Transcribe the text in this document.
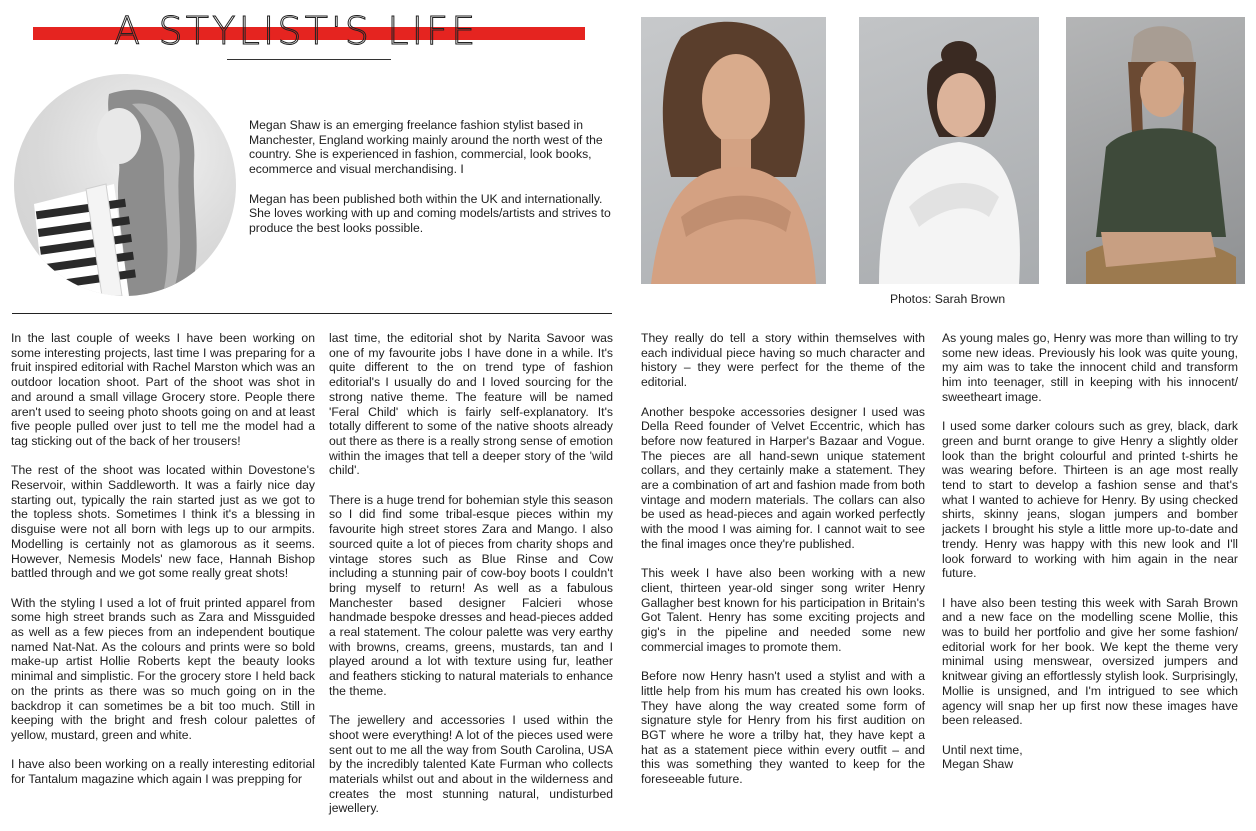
A STYLIST'S LIFE

Megan Shaw is an emerging freelance fashion stylist based in Manchester, England working mainly around the north west of the country. She is experienced in fashion, commercial, look books, ecommerce and visual merchandising. I

Megan has been published both within the UK and internationally. She loves working with up and coming models/artists and strives to produce the best looks possible.

Photos: Sarah Brown

In the last couple of weeks I have been working on some interesting projects, last time I was preparing for a fruit inspired editorial with Rachel Marston which was an outdoor location shoot. Part of the shoot was shot in and around a small village Grocery store. People there aren't used to seeing photo shoots going on and at least five people pulled over just to tell me the model had a tag sticking out of the back of her trousers!

The rest of the shoot was located within Dovestone's Reservoir, within Saddleworth. It was a fairly nice day starting out, typically the rain started just as we got to the topless shots. Sometimes I think it's a blessing in disguise were not all born with legs up to our armpits. Modelling is certainly not as glamorous as it seems. However, Nemesis Models' new face, Hannah Bishop battled through and we got some really great shots!

With the styling I used a lot of fruit printed apparel from some high street brands such as Zara and Missguided as well as a few pieces from an independent boutique named Nat-Nat. As the colours and prints were so bold make-up artist Hollie Roberts kept the beauty looks minimal and simplistic. For the grocery store I held back on the prints as there was so much going on in the backdrop it can sometimes be a bit too much. Still in keeping with the bright and fresh colour palettes of yellow, mustard, green and white.

I have also been working on a really interesting editorial for Tantalum magazine which again I was prepping for

last time, the editorial shot by Narita Savoor was one of my favourite jobs I have done in a while. It's quite different to the on trend type of fashion editorial's I usually do and I loved sourcing for the strong native theme. The feature will be named 'Feral Child' which is fairly self-explanatory. It's totally different to some of the native shoots already out there as there is a really strong sense of emotion within the images that tell a deeper story of the 'wild child'.

There is a huge trend for bohemian style this season so I did find some tribal-esque pieces within my favourite high street stores Zara and Mango. I also sourced quite a lot of pieces from charity shops and vintage stores such as Blue Rinse and Cow including a stunning pair of cow-boy boots I couldn't bring myself to return! As well as a fabulous Manchester based designer Falcieri whose handmade bespoke dresses and head-pieces added a real statement. The colour palette was very earthy with browns, creams, greens, mustards, tan and I played around a lot with texture using fur, leather and feathers sticking to natural materials to enhance the theme.

The jewellery and accessories I used within the shoot were everything! A lot of the pieces used were sent out to me all the way from South Carolina, USA by the incredibly talented Kate Furman who collects materials whilst out and about in the wilderness and creates the most stunning natural, undisturbed jewellery.

They really do tell a story within themselves with each individual piece having so much character and history – they were perfect for the theme of the editorial.

Another bespoke accessories designer I used was Della Reed founder of Velvet Eccentric, which has before now featured in Harper's Bazaar and Vogue. The pieces are all hand-sewn unique statement collars, and they certainly make a statement. They are a combination of art and fashion made from both vintage and modern materials. The collars can also be used as head-pieces and again worked perfectly with the mood I was aiming for. I cannot wait to see the final images once they're published.

This week I have also been working with a new client, thirteen year-old singer song writer Henry Gallagher best known for his participation in Britain's Got Talent. Henry has some exciting projects and gig's in the pipeline and needed some new commercial images to promote them.

Before now Henry hasn't used a stylist and with a little help from his mum has created his own looks. They have along the way created some form of signature style for Henry from his first audition on BGT where he wore a trilby hat, they have kept a hat as a statement piece within every outfit – and this was something they wanted to keep for the foreseeable future.

As young males go, Henry was more than willing to try some new ideas. Previously his look was quite young, my aim was to take the innocent child and transform him into teenager, still in keeping with his innocent/ sweetheart image.

I used some darker colours such as grey, black, dark green and burnt orange to give Henry a slightly older look than the bright colourful and printed t-shirts he was wearing before. Thirteen is an age most really tend to start to develop a fashion sense and that's what I wanted to achieve for Henry. By using checked shirts, skinny jeans, slogan jumpers and bomber jackets I brought his style a little more up-to-date and trendy. Henry was happy with this new look and I'll look forward to working with him again in the near future.

I have also been testing this week with Sarah Brown and a new face on the modelling scene Mollie, this was to build her portfolio and give her some fashion/ editorial work for her book. We kept the theme very minimal using menswear, oversized jumpers and knitwear giving an effortlessly stylish look. Surprisingly, Mollie is unsigned, and I'm intrigued to see which agency will snap her up first now these images have been released.

Until next time,
Megan Shaw
